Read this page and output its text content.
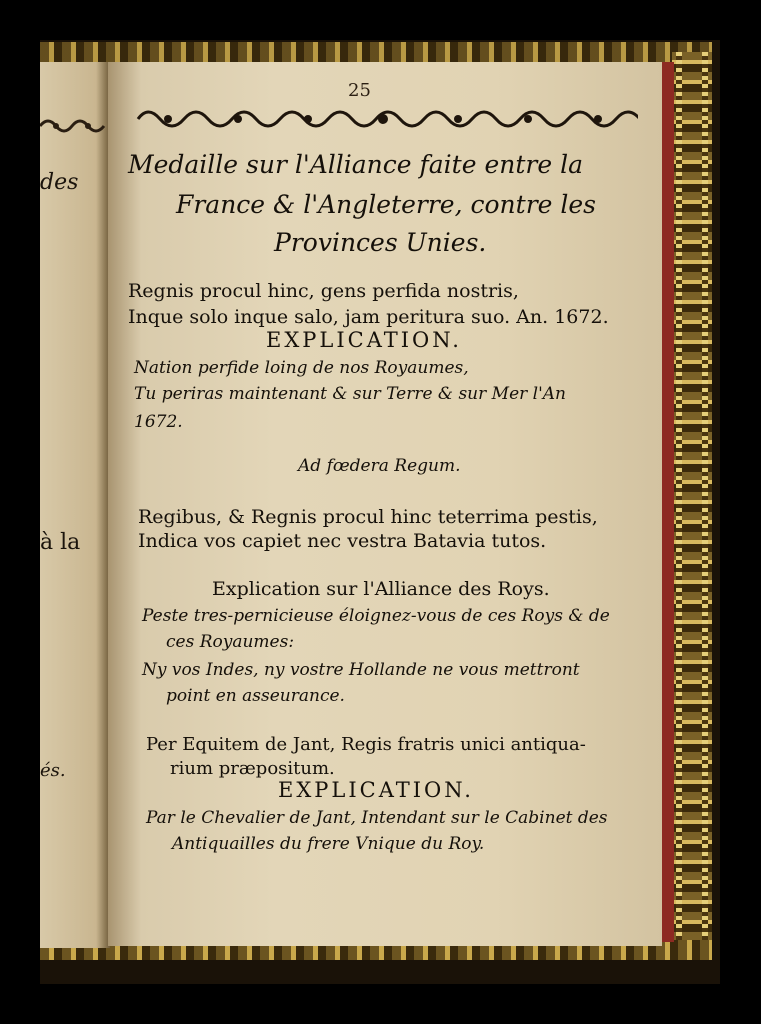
des
à la
és.
25
Medaille sur l'Alliance faite entre la
France & l'Angleterre, contre les
Provinces Unies.
Regnis procul hinc, gens perfida nostris,
Inque solo inque salo, jam peritura suo. An. 1672.
EXPLICATION.
Nation perfide loing de nos Royaumes,
Tu periras maintenant & sur Terre & sur Mer l'An
1672.
Ad fœdera Regum.
Regibus, & Regnis procul hinc teterrima pestis,
Indica vos capiet nec vestra Batavia tutos.
Explication sur l'Alliance des Roys.
Peste tres-pernicieuse éloignez-vous de ces Roys & de
ces Royaumes:
Ny vos Indes, ny vostre Hollande ne vous mettront
point en asseurance.
Per Equitem de Jant, Regis fratris unici antiqua-
rium præpositum.
EXPLICATION.
Par le Chevalier de Jant, Intendant sur le Cabinet des
Antiquailles du frere Vnique du Roy.
